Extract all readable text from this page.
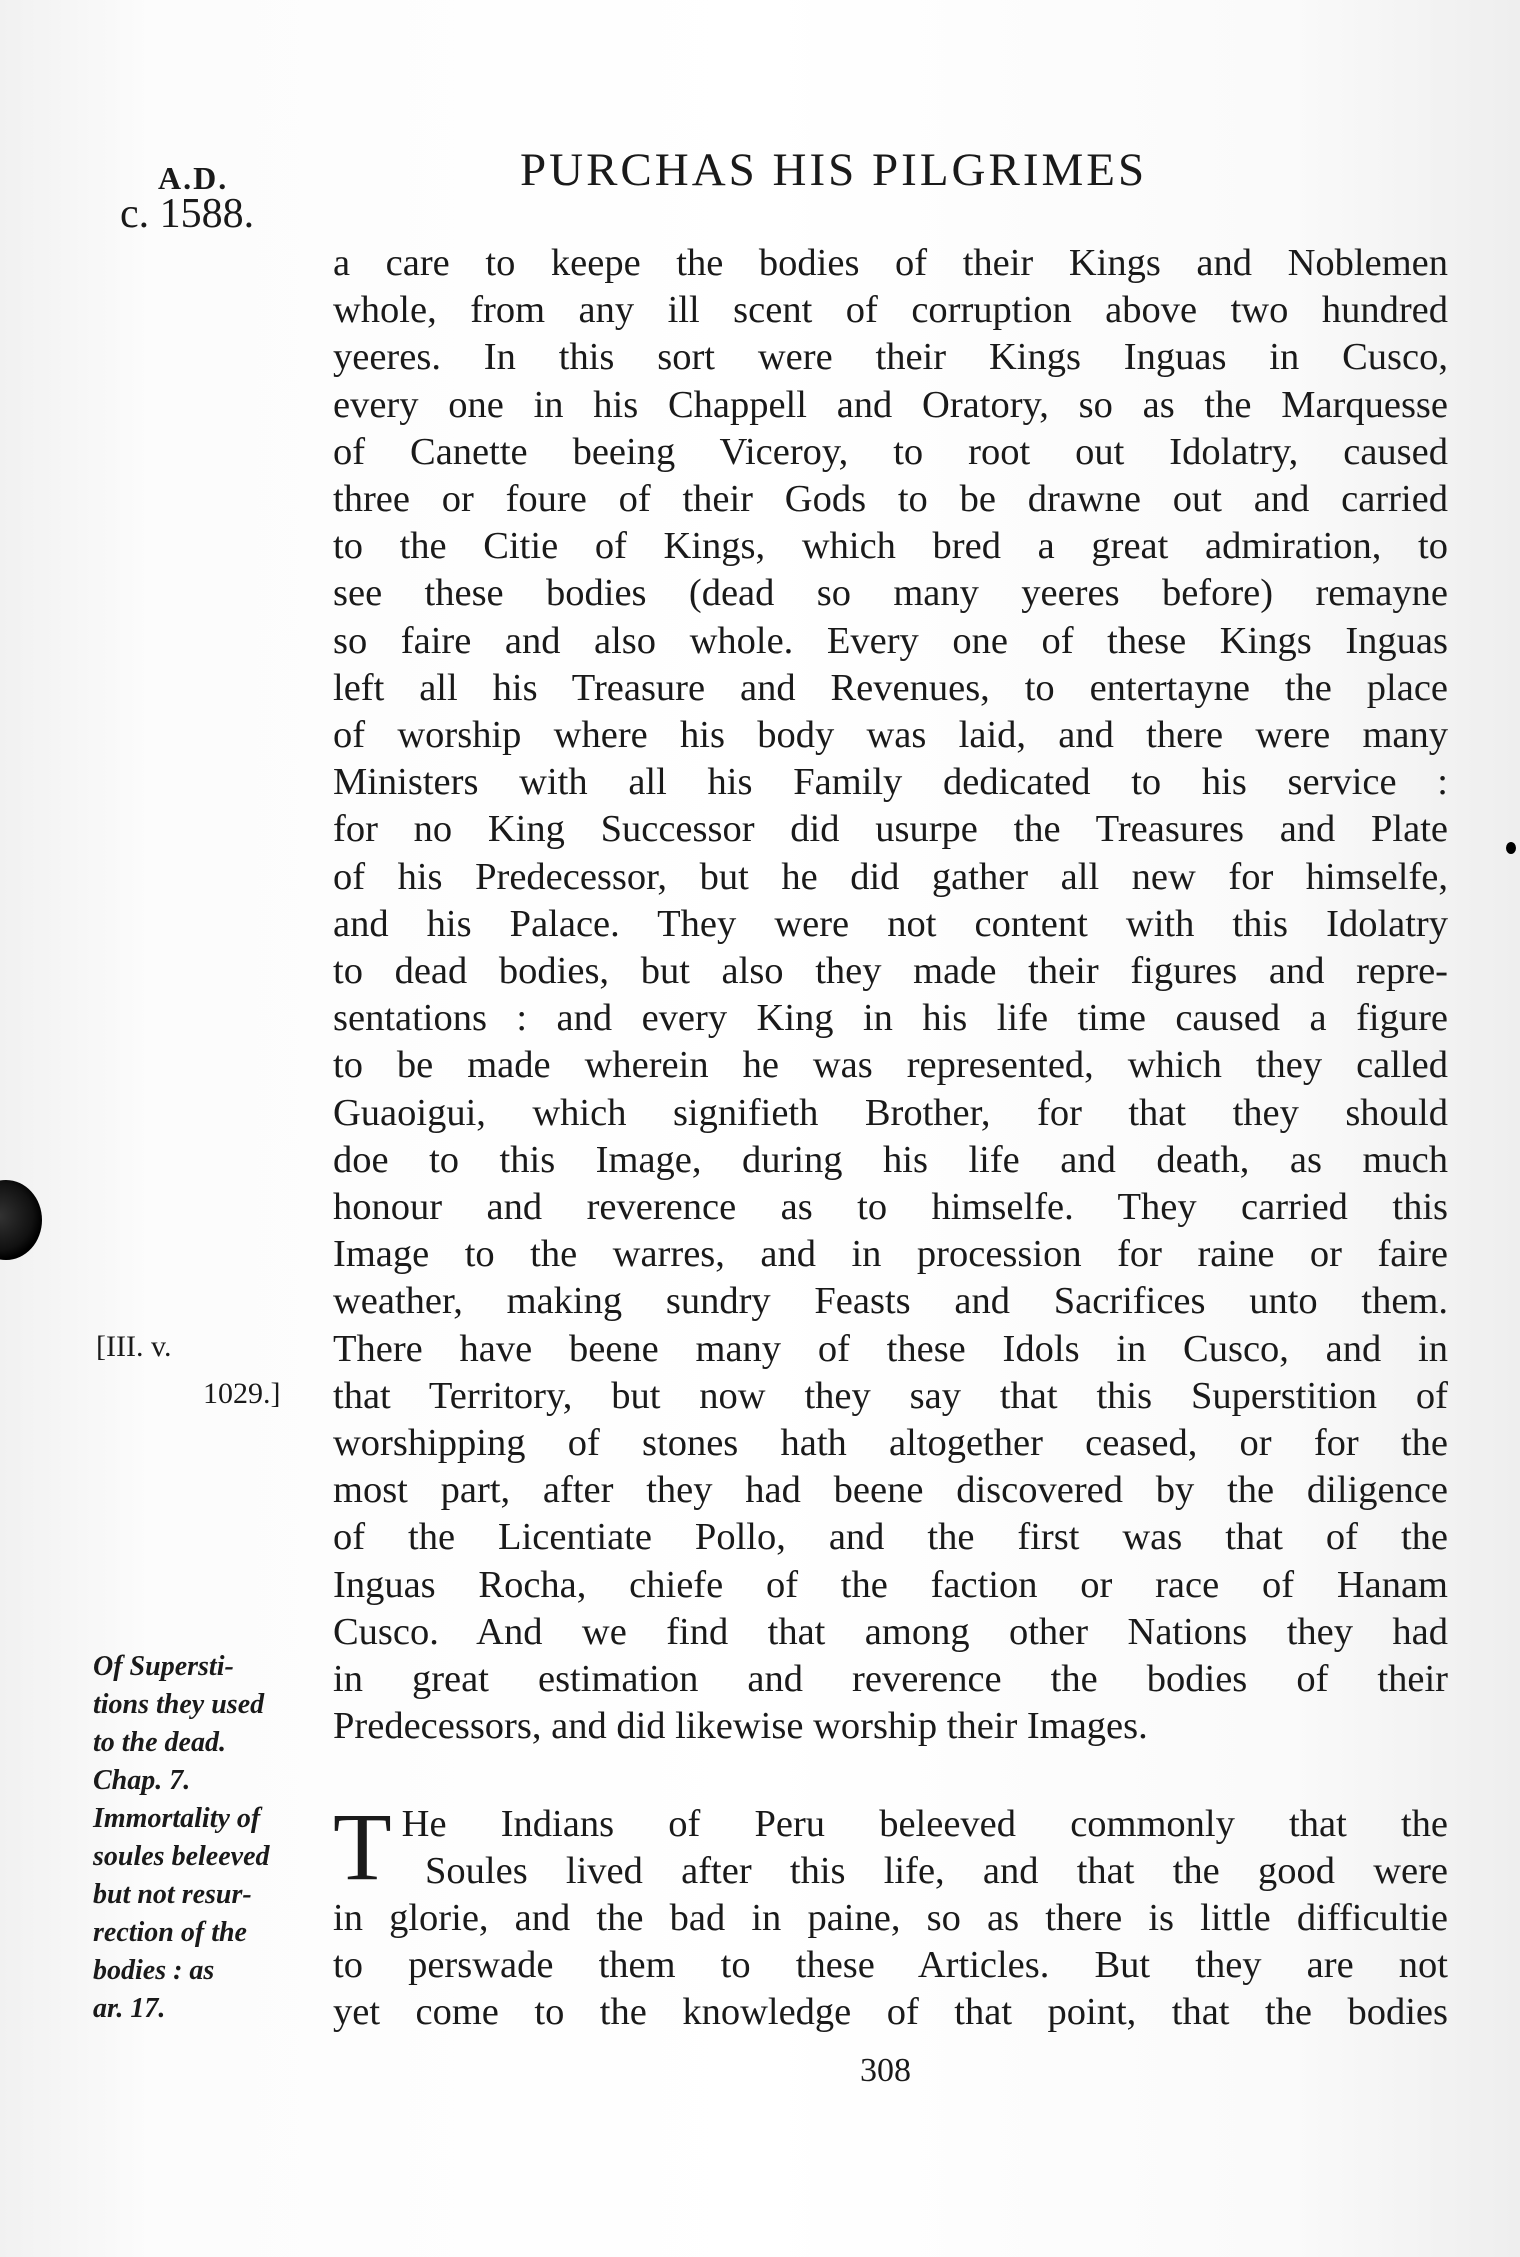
A.D.
c. 1588.
PURCHAS HIS PILGRIMES
[III. v.
1029.]
Of Supersti-
tions they used
to the dead.
Chap. 7.
Immortality of
soules beleeved
but not resur-
rection of the
bodies : as
ar. 17.
a care to keepe the bodies of their Kings and Noblemen
whole, from any ill scent of corruption above two hundred
yeeres. In this sort were their Kings Inguas in Cusco,
every one in his Chappell and Oratory, so as the Marquesse
of Canette beeing Viceroy, to root out Idolatry, caused
three or foure of their Gods to be drawne out and carried
to the Citie of Kings, which bred a great admiration, to
see these bodies (dead so many yeeres before) remayne
so faire and also whole. Every one of these Kings Inguas
left all his Treasure and Revenues, to entertayne the place
of worship where his body was laid, and there were many
Ministers with all his Family dedicated to his service :
for no King Successor did usurpe the Treasures and Plate
of his Predecessor, but he did gather all new for himselfe,
and his Palace. They were not content with this Idolatry
to dead bodies, but also they made their figures and repre-
sentations : and every King in his life time caused a figure
to be made wherein he was represented, which they called
Guaoigui, which signifieth Brother, for that they should
doe to this Image, during his life and death, as much
honour and reverence as to himselfe. They carried this
Image to the warres, and in procession for raine or faire
weather, making sundry Feasts and Sacrifices unto them.
There have beene many of these Idols in Cusco, and in
that Territory, but now they say that this Superstition of
worshipping of stones hath altogether ceased, or for the
most part, after they had beene discovered by the diligence
of the Licentiate Pollo, and the first was that of the
Inguas Rocha, chiefe of the faction or race of Hanam
Cusco. And we find that among other Nations they had
in great estimation and reverence the bodies of their
Predecessors, and did likewise worship their Images.
T He Indians of Peru beleeved commonly that the
Soules lived after this life, and that the good were
in glorie, and the bad in paine, so as there is little difficultie
to perswade them to these Articles. But they are not
yet come to the knowledge of that point, that the bodies
308
